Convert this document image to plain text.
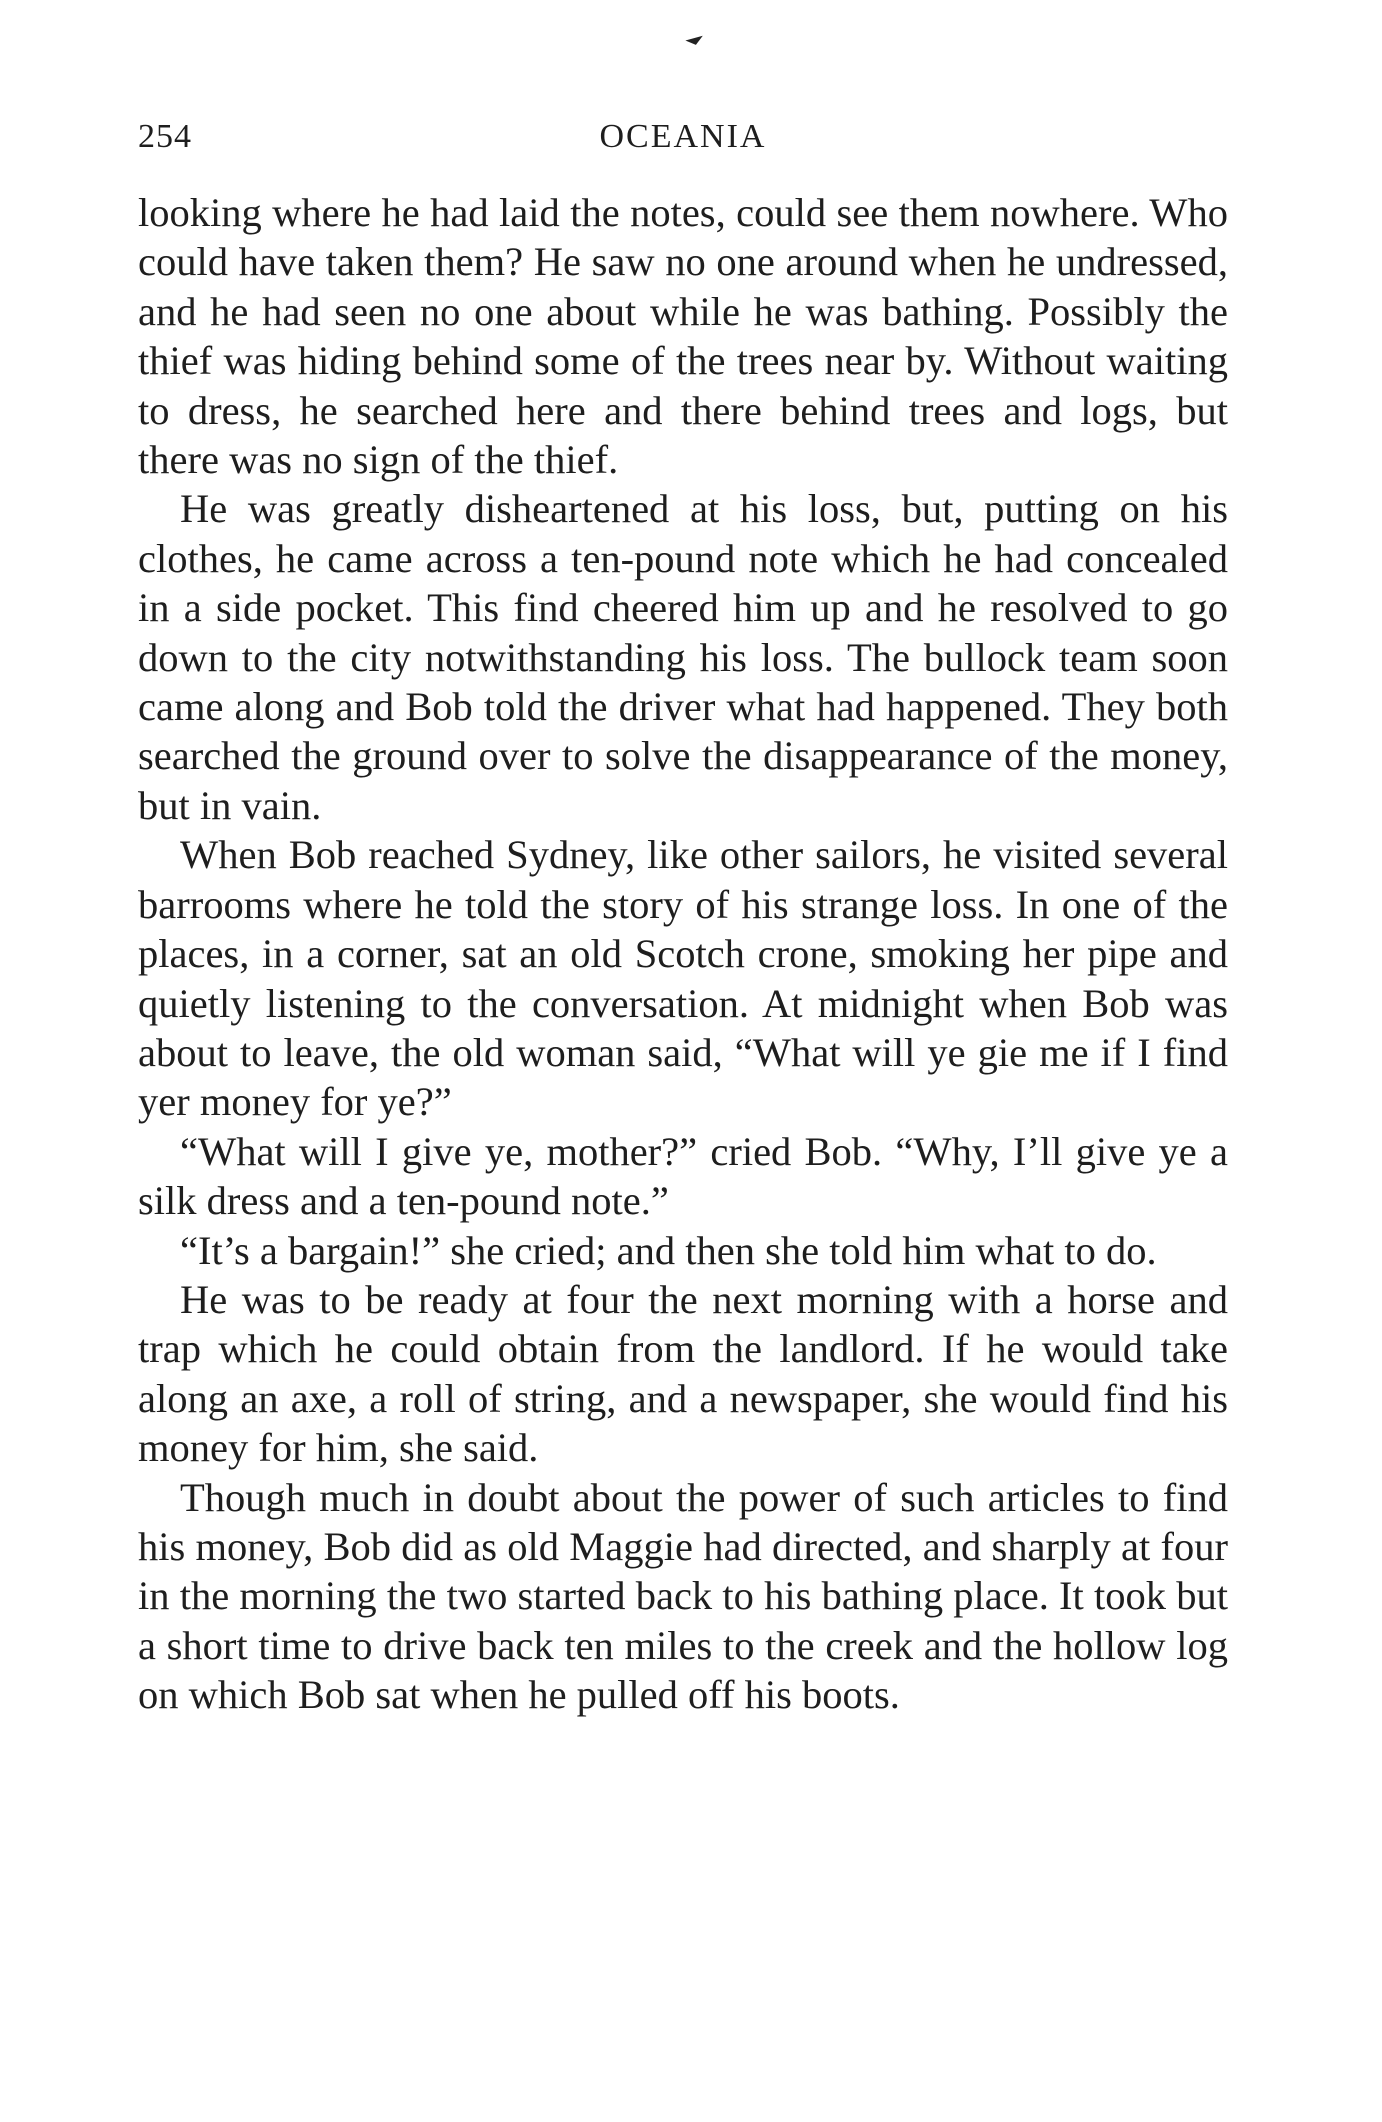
254	OCEANIA

looking where he had laid the notes, could see them nowhere. Who could have taken them? He saw no one around when he undressed, and he had seen no one about while he was bathing. Possibly the thief was hiding behind some of the trees near by. Without waiting to dress, he searched here and there behind trees and logs, but there was no sign of the thief.

He was greatly disheartened at his loss, but, putting on his clothes, he came across a ten-pound note which he had concealed in a side pocket. This find cheered him up and he resolved to go down to the city notwithstanding his loss. The bullock team soon came along and Bob told the driver what had happened. They both searched the ground over to solve the disappearance of the money, but in vain.

When Bob reached Sydney, like other sailors, he visited several barrooms where he told the story of his strange loss. In one of the places, in a corner, sat an old Scotch crone, smoking her pipe and quietly listening to the conversation. At midnight when Bob was about to leave, the old woman said, “What will ye gie me if I find yer money for ye?”

“What will I give ye, mother?” cried Bob. “Why, I’ll give ye a silk dress and a ten-pound note.”

“It’s a bargain!” she cried; and then she told him what to do.

He was to be ready at four the next morning with a horse and trap which he could obtain from the landlord. If he would take along an axe, a roll of string, and a newspaper, she would find his money for him, she said.

Though much in doubt about the power of such articles to find his money, Bob did as old Maggie had directed, and sharply at four in the morning the two started back to his bathing place. It took but a short time to drive back ten miles to the creek and the hollow log on which Bob sat when he pulled off his boots.
